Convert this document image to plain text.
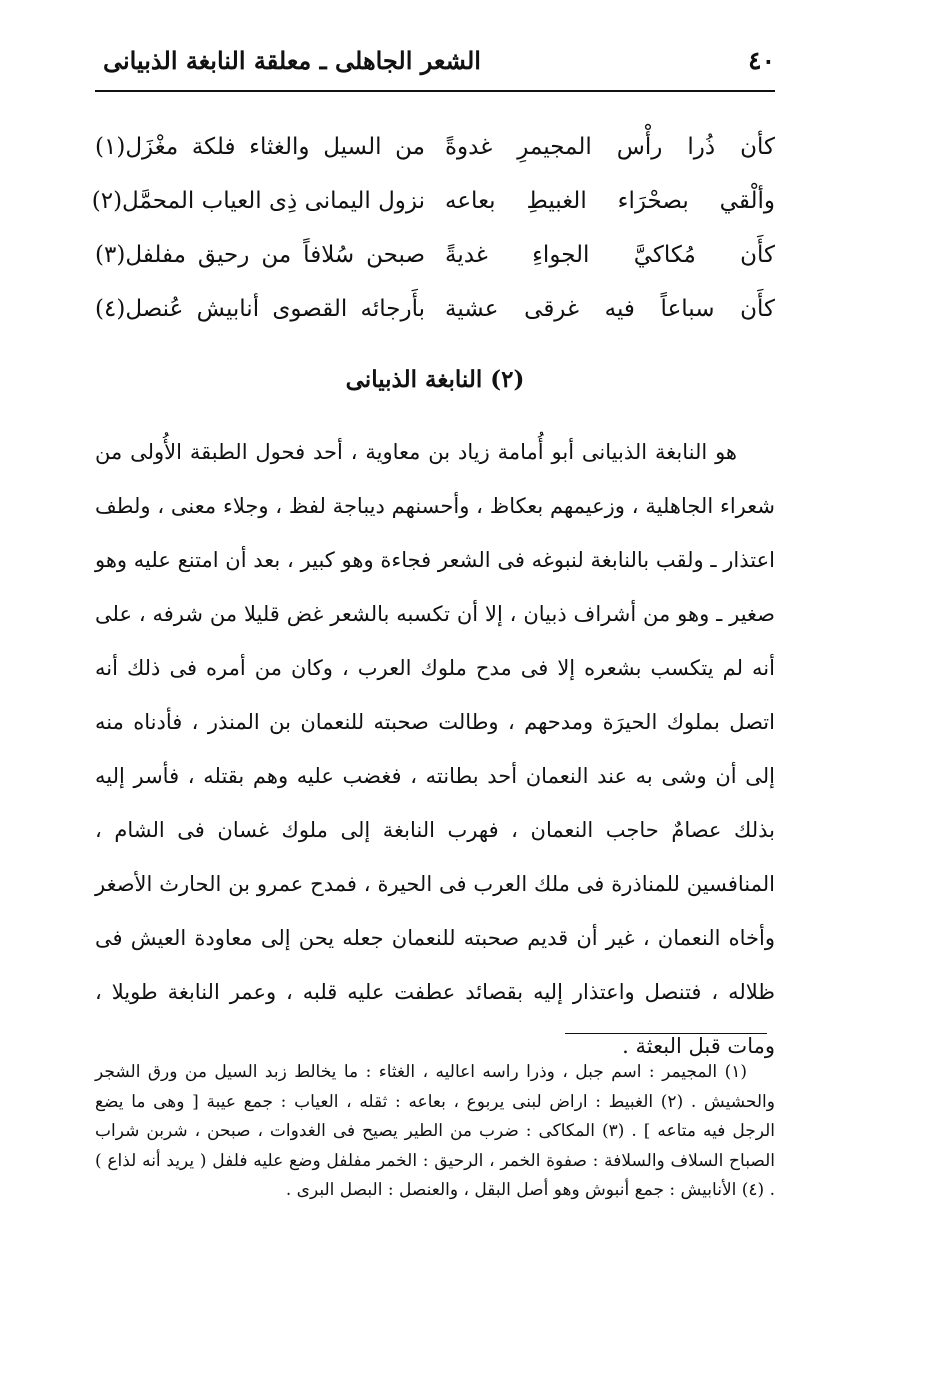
٤٠
الشعر الجاهلى ـ معلقة النابغة الذبيانى
كأن ذُرا رأْس المجيمرِ غدوةً
من السيل والغثاء فلكة مغْزَل(١)
وألْقي بصحْرَاء الغبيطِ بعاعه
نزول اليمانى ذِى العياب المحمَّل(٢)
كأَن مُكاكيَّ الجواءِ غديةً
صبحن سُلافاً من رحيق مفلفل(٣)
كأَن سباعاً فيه غرقى عشية
بأَرجائه القصوى أنابيش عُنصل(٤)
(٢) النابغة الذبيانى

هو النابغة الذبيانى أبو أُمامة زياد بن معاوية ، أحد فحول الطبقة الأُولى من شعراء الجاهلية ، وزعيمهم بعكاظ ، وأحسنهم ديباجة لفظ ، وجلاء معنى ، ولطف اعتذار ـ ولقب بالنابغة لنبوغه فى الشعر فجاءة وهو كبير ، بعد أن امتنع عليه وهو صغير ـ وهو من أشراف ذبيان ، إلا أن تكسبه بالشعر غض قليلا من شرفه ، على أنه لم يتكسب بشعره إلا فى مدح ملوك العرب ، وكان من أمره فى ذلك أنه اتصل بملوك الحيرَة ومدحهم ، وطالت صحبته للنعمان بن المنذر ، فأدناه منه إلى أن وشى به عند النعمان أحد بطانته ، فغضب عليه وهم بقتله ، فأسر إليه بذلك عصامٌ حاجب النعمان ، فهرب النابغة إلى ملوك غسان فى الشام ، المنافسين للمناذرة فى ملك العرب فى الحيرة ، فمدح عمرو بن الحارث الأصغر وأخاه النعمان ، غير أن قديم صحبته للنعمان جعله يحن إلى معاودة العيش فى ظلاله ، فتنصل واعتذار إليه بقصائد عطفت عليه قلبه ، وعمر النابغة طويلا ، ومات قبل البعثة .

(١) المجيمر : اسم جبل ، وذرا راسه اعاليه ، الغثاء : ما يخالط زبد السيل من ورق الشجر والحشيش . (٢) الغبيط : اراض لبنى يربوع ، بعاعه : ثقله ، العياب : جمع عيبة [ وهى ما يضع الرجل فيه متاعه ] . (٣) المكاكى : ضرب من الطير يصيح فى الغدوات ، صبحن ، شربن شراب الصباح السلاف والسلافة : صفوة الخمر ، الرحيق : الخمر مفلفل وضع عليه فلفل ( يريد أنه لذاع ) . (٤) الأنابيش : جمع أنبوش وهو أصل البقل ، والعنصل : البصل البرى .
